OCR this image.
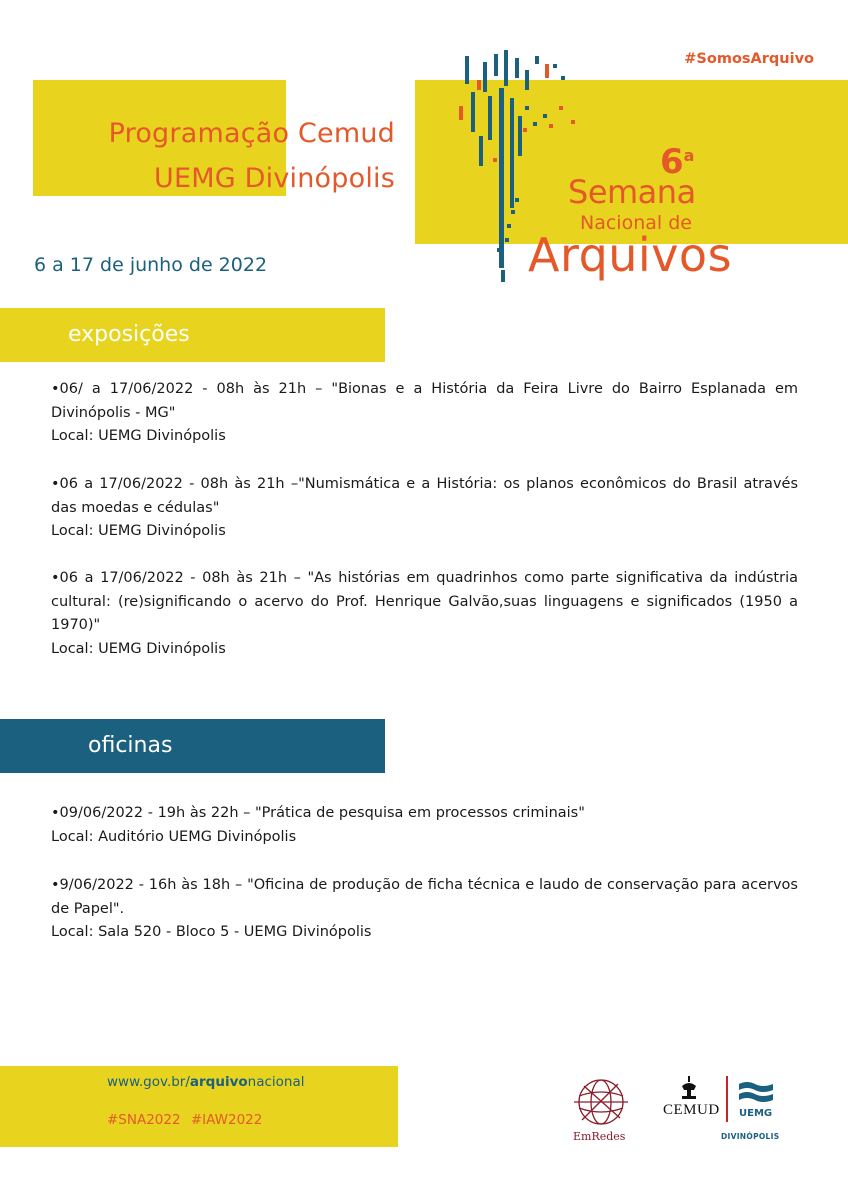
#SomosArquivo
Programação Cemud
UEMG Divinópolis
6 a 17 de junho de 2022
6$^a$
Semana
Nacional de
Arquivos
exposições
•06/ a 17/06/2022 - 08h às 21h – "Bionas e a História da Feira Livre do Bairro Esplanada em Divinópolis - MG"
Local: UEMG Divinópolis
•06 a 17/06/2022 - 08h às 21h –"Numismática e a História: os planos econômicos do Brasil através das moedas e cédulas"
Local: UEMG Divinópolis
•06 a 17/06/2022 - 08h às 21h – "As histórias em quadrinhos como parte significativa da indústria cultural: (re)significando o acervo do Prof. Henrique Galvão,suas linguagens e significados (1950 a 1970)"
Local: UEMG Divinópolis
oficinas
•09/06/2022 - 19h às 22h – "Prática de pesquisa em processos criminais"
Local: Auditório UEMG Divinópolis
•9/06/2022 - 16h às 18h – "Oficina de produção de ficha técnica e laudo de conservação para acervos de Papel".
Local: Sala 520 - Bloco 5 - UEMG Divinópolis
www.gov.br/arquivonacional
#SNA2022 #IAW2022
EmRedes
CEMUD UEMG
DIVINÓPOLIS
